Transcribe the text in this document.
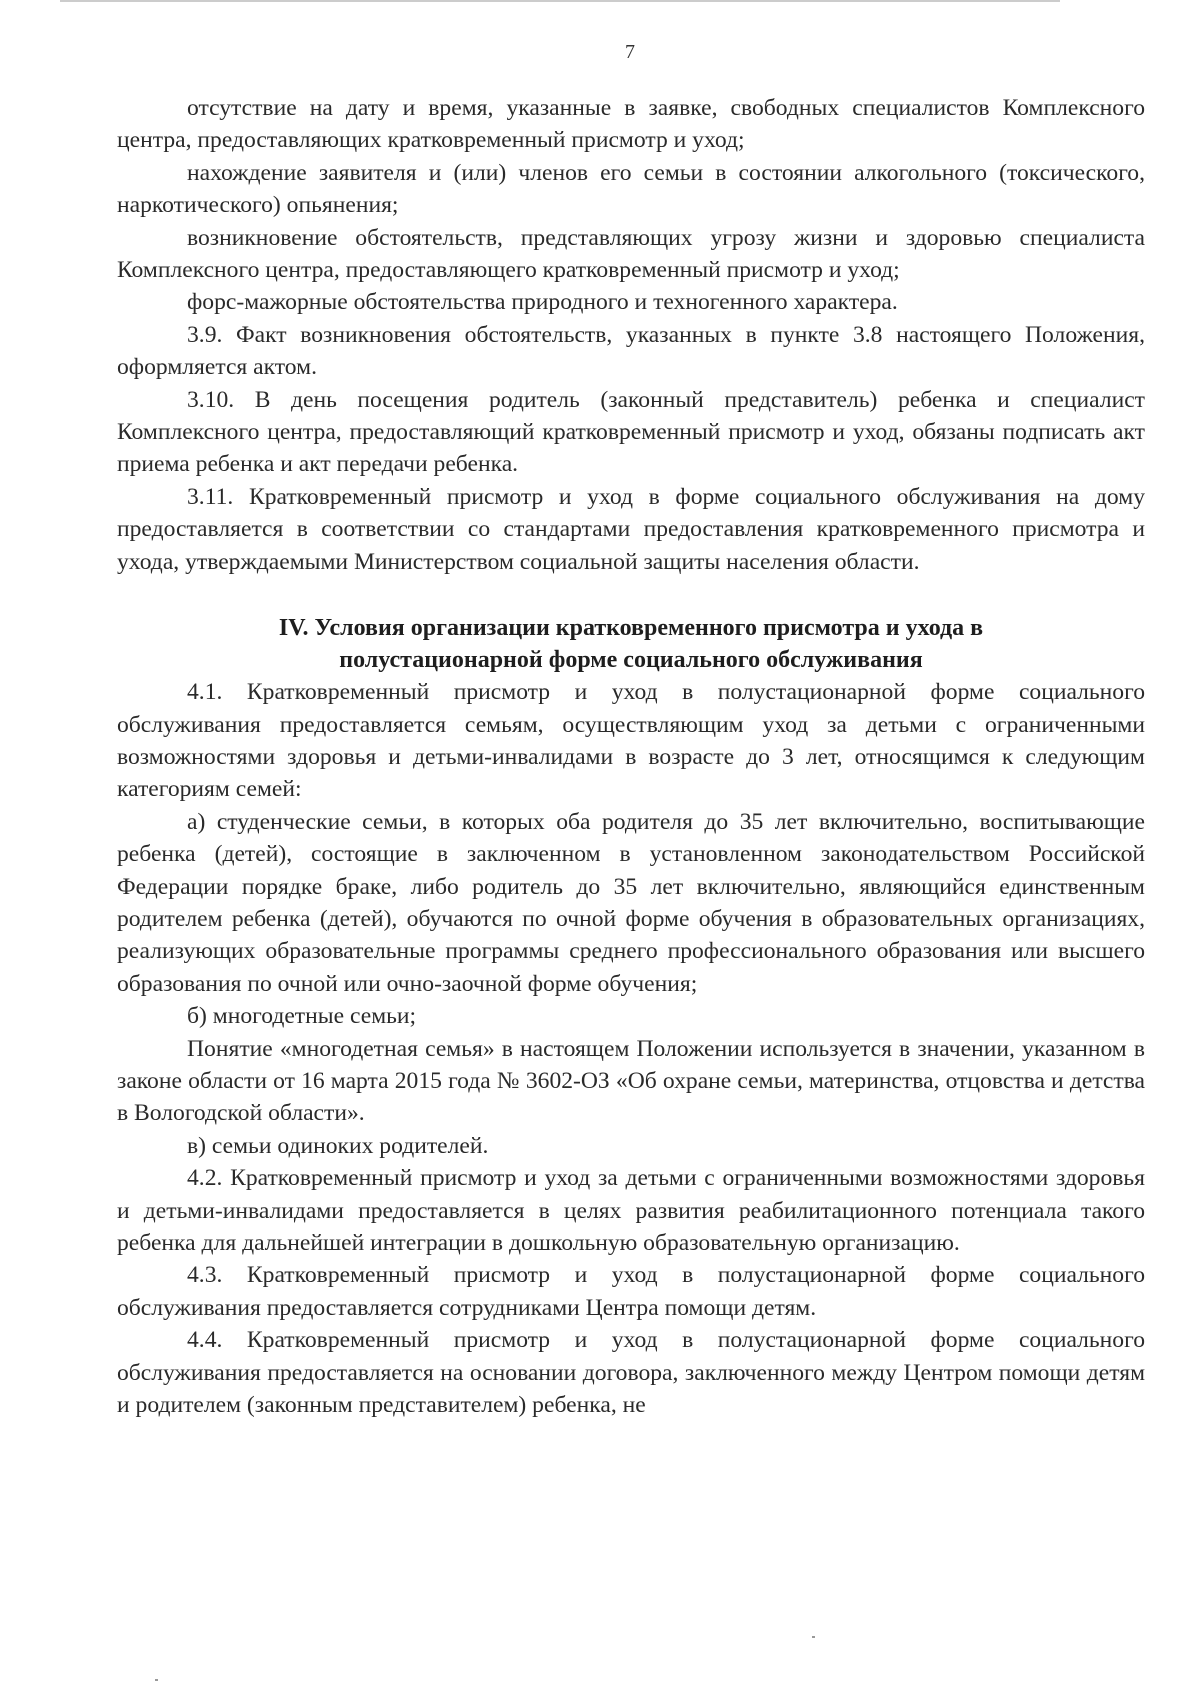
7

отсутствие на дату и время, указанные в заявке, свободных специалистов Комплексного центра, предоставляющих кратковременный присмотр и уход;

нахождение заявителя и (или) членов его семьи в состоянии алкогольного (токсического, наркотического) опьянения;

возникновение обстоятельств, представляющих угрозу жизни и здоровью специалиста Комплексного центра, предоставляющего кратковременный присмотр и уход;

форс-мажорные обстоятельства природного и техногенного характера.

3.9. Факт возникновения обстоятельств, указанных в пункте 3.8 настоящего Положения, оформляется актом.

3.10. В день посещения родитель (законный представитель) ребенка и специалист Комплексного центра, предоставляющий кратковременный присмотр и уход, обязаны подписать акт приема ребенка и акт передачи ребенка.

3.11. Кратковременный присмотр и уход в форме социального обслуживания на дому предоставляется в соответствии со стандартами предоставления кратковременного присмотра и ухода, утверждаемыми Министерством социальной защиты населения области.

IV. Условия организации кратковременного присмотра и ухода в
полустационарной форме социального обслуживания

4.1. Кратковременный присмотр и уход в полустационарной форме социального обслуживания предоставляется семьям, осуществляющим уход за детьми с ограниченными возможностями здоровья и детьми-инвалидами в возрасте до 3 лет, относящимся к следующим категориям семей:

а) студенческие семьи, в которых оба родителя до 35 лет включительно, воспитывающие ребенка (детей), состоящие в заключенном в установленном законодательством Российской Федерации порядке браке, либо родитель до 35 лет включительно, являющийся единственным родителем ребенка (детей), обучаются по очной форме обучения в образовательных организациях, реализующих образовательные программы среднего профессионального образования или высшего образования по очной или очно-заочной форме обучения;

б) многодетные семьи;

Понятие «многодетная семья» в настоящем Положении используется в значении, указанном в законе области от 16 марта 2015 года № 3602-ОЗ «Об охране семьи, материнства, отцовства и детства в Вологодской области».

в) семьи одиноких родителей.

4.2. Кратковременный присмотр и уход за детьми с ограниченными возможностями здоровья и детьми-инвалидами предоставляется в целях развития реабилитационного потенциала такого ребенка для дальнейшей интеграции в дошкольную образовательную организацию.

4.3. Кратковременный присмотр и уход в полустационарной форме социального обслуживания предоставляется сотрудниками Центра помощи детям.

4.4. Кратковременный присмотр и уход в полустационарной форме социального обслуживания предоставляется на основании договора, заключенного между Центром помощи детям и родителем (законным представителем) ребенка, не
